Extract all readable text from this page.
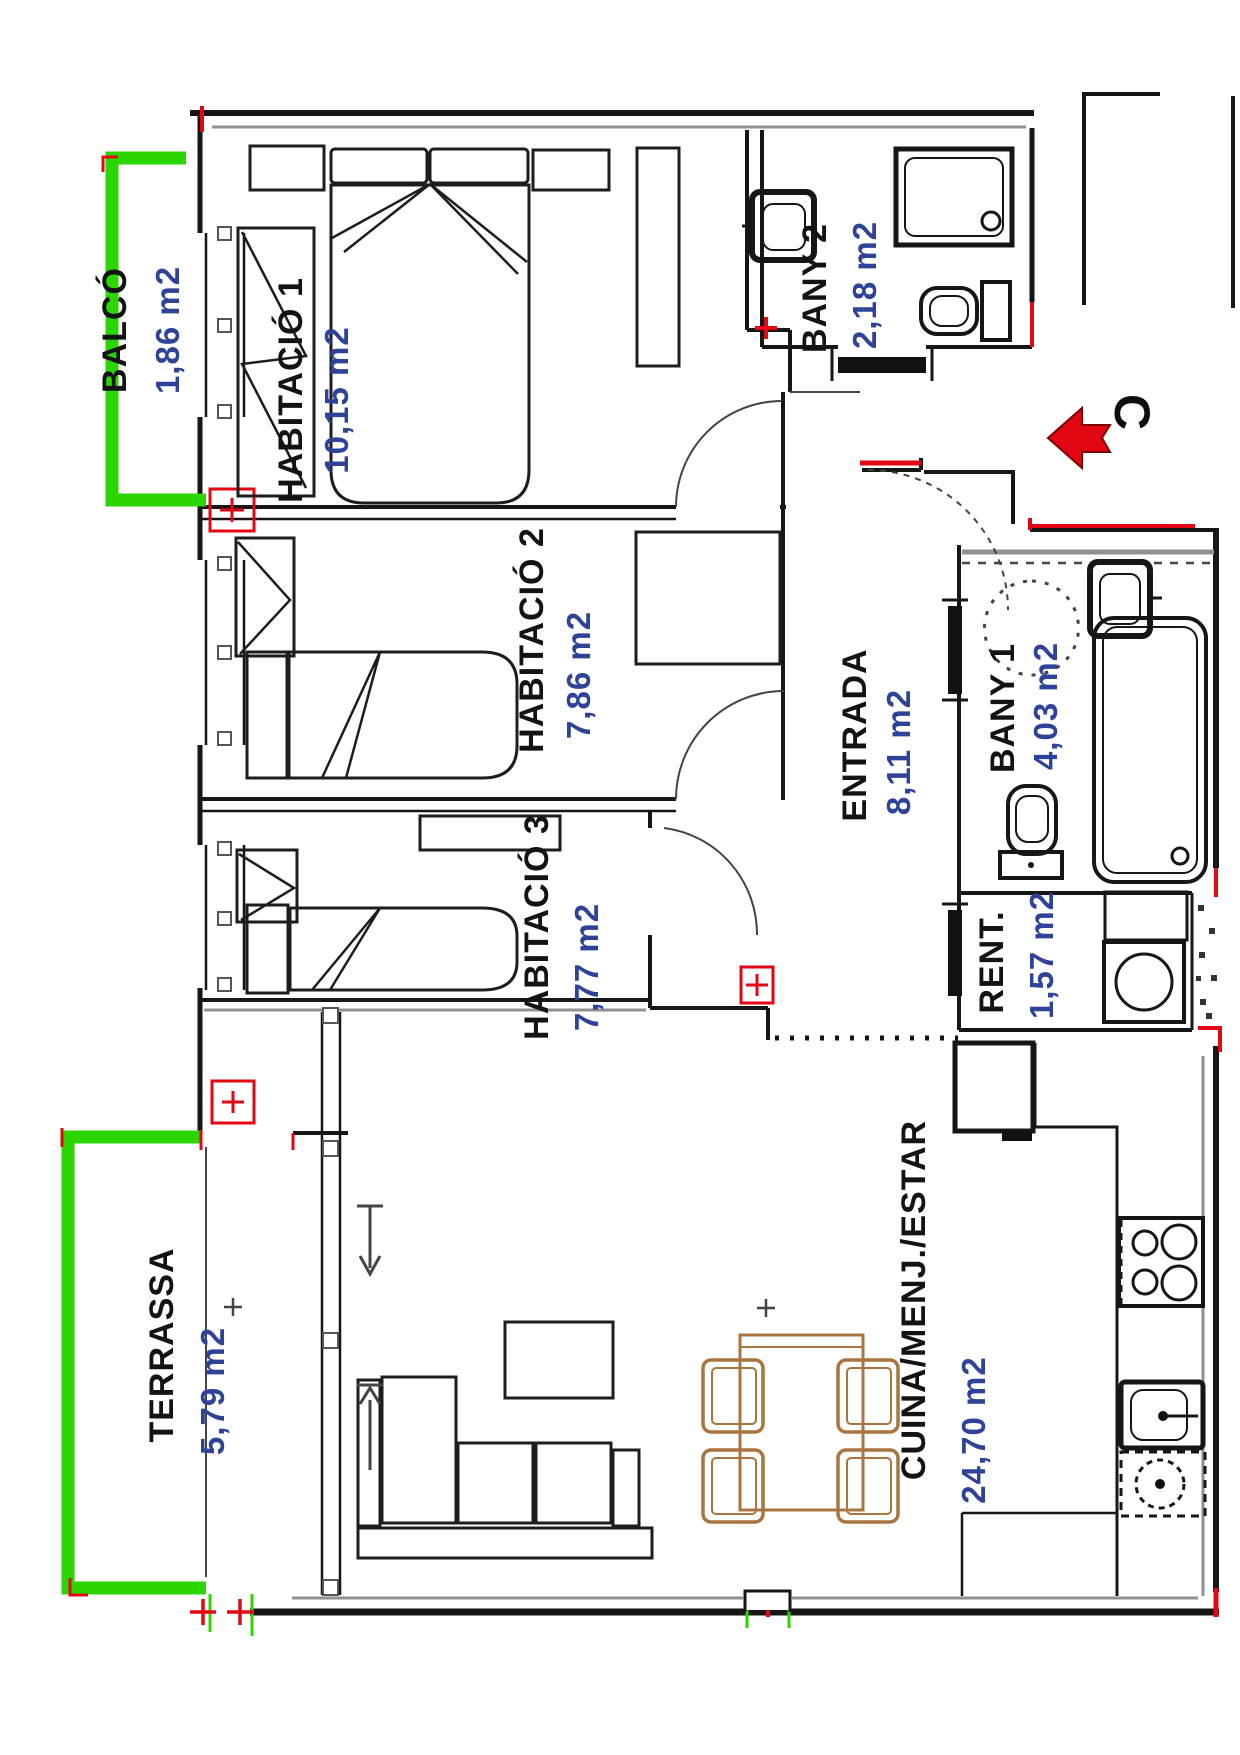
C
BALCÓ 1,86 m2	HABITACIÓ 1 10,15 m2
BANY 2 2,18 m2
HABITACIÓ 2 7,86 m2	ENTRADA 8,11 m2 BANY 1 4,03 m2
HABITACIÓ 3 7,77 m2	RENT. 1,57 m2
TERRASSA 5,79 m2	CUINA/MENJ./ESTAR 24,70 m2
